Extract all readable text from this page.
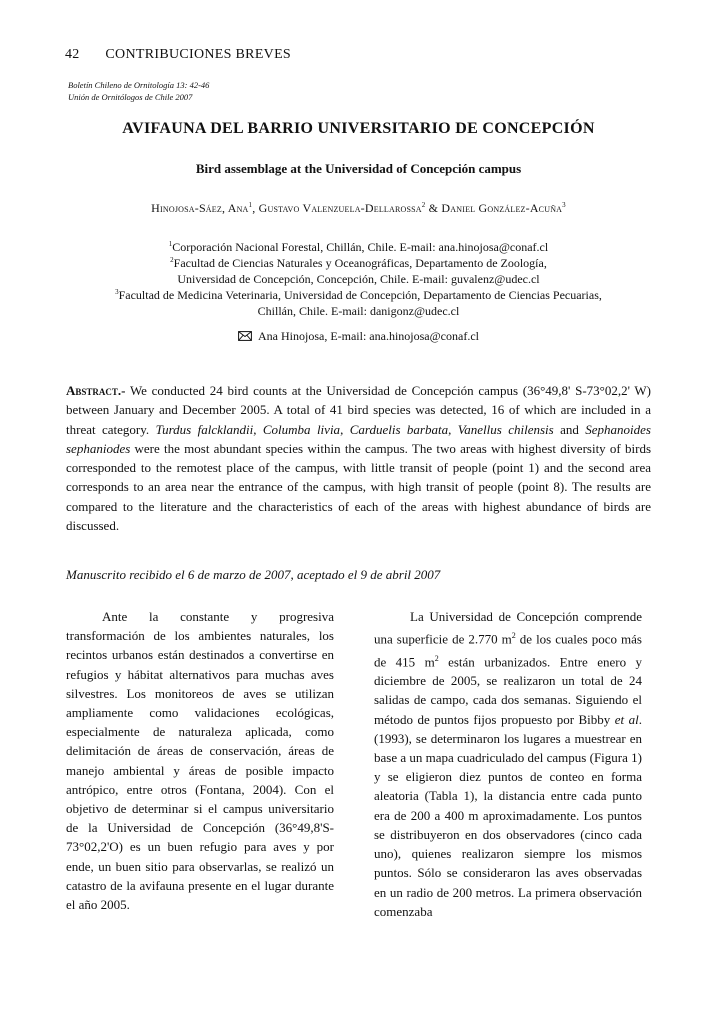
42 CONTRIBUCIONES BREVES
Boletín Chileno de Ornitología 13: 42-46
Unión de Ornitólogos de Chile 2007
AVIFAUNA DEL BARRIO UNIVERSITARIO DE CONCEPCIÓN
Bird assemblage at the Universidad of Concepción campus
Hinojosa-Sáez, Ana$^1$, Gustavo Valenzuela-Dellarossa$^2$ & Daniel González-Acuña$^3$
$^1$Corporación Nacional Forestal, Chillán, Chile. E-mail: ana.hinojosa@conaf.cl
$^2$Facultad de Ciencias Naturales y Oceanográficas, Departamento de Zoología,
Universidad de Concepción, Concepción, Chile. E-mail: guvalenz@udec.cl
$^3$Facultad de Medicina Veterinaria, Universidad de Concepción, Departamento de Ciencias Pecuarias,
Chillán, Chile. E-mail: danigonz@udec.cl
Ana Hinojosa, E-mail: ana.hinojosa@conaf.cl
Abstract.- We conducted 24 bird counts at the Universidad de Concepción campus (36°49,8' S-73°02,2' W) between January and December 2005. A total of 41 bird species was detected, 16 of which are included in a threat category. Turdus falcklandii, Columba livia, Carduelis barbata, Vanellus chilensis and Sephanoides sephaniodes were the most abundant species within the campus. The two areas with highest diversity of birds corresponded to the remotest place of the campus, with little transit of people (point 1) and the second area corresponds to an area near the entrance of the campus, with high transit of people (point 8). The results are compared to the literature and the characteristics of each of the areas with highest abundance of birds are discussed.
Manuscrito recibido el 6 de marzo de 2007, aceptado el 9 de abril 2007
Ante la constante y progresiva transformación de los ambientes naturales, los recintos urbanos están destinados a convertirse en refugios y hábitat alternativos para muchas aves silvestres. Los monitoreos de aves se utilizan ampliamente como validaciones ecológicas, especialmente de naturaleza aplicada, como delimitación de áreas de conservación, áreas de manejo ambiental y áreas de posible impacto antrópico, entre otros (Fontana, 2004). Con el objetivo de determinar si el campus universitario de la Universidad de Concepción (36°49,8'S-73°02,2'O) es un buen refugio para aves y por ende, un buen sitio para observarlas, se realizó un catastro de la avifauna presente en el lugar durante el año 2005.
La Universidad de Concepción comprende una superficie de 2.770 $m^2$ de los cuales poco más de 415 $m^2$ están urbanizados. Entre enero y diciembre de 2005, se realizaron un total de 24 salidas de campo, cada dos semanas. Siguiendo el método de puntos fijos propuesto por Bibby et al. (1993), se determinaron los lugares a muestrear en base a un mapa cuadriculado del campus (Figura 1) y se eligieron diez puntos de conteo en forma aleatoria (Tabla 1), la distancia entre cada punto era de 200 a 400 m aproximadamente. Los puntos se distribuyeron en dos observadores (cinco cada uno), quienes realizaron siempre los mismos puntos. Sólo se consideraron las aves observadas en un radio de 200 metros. La primera observación comenzaba
